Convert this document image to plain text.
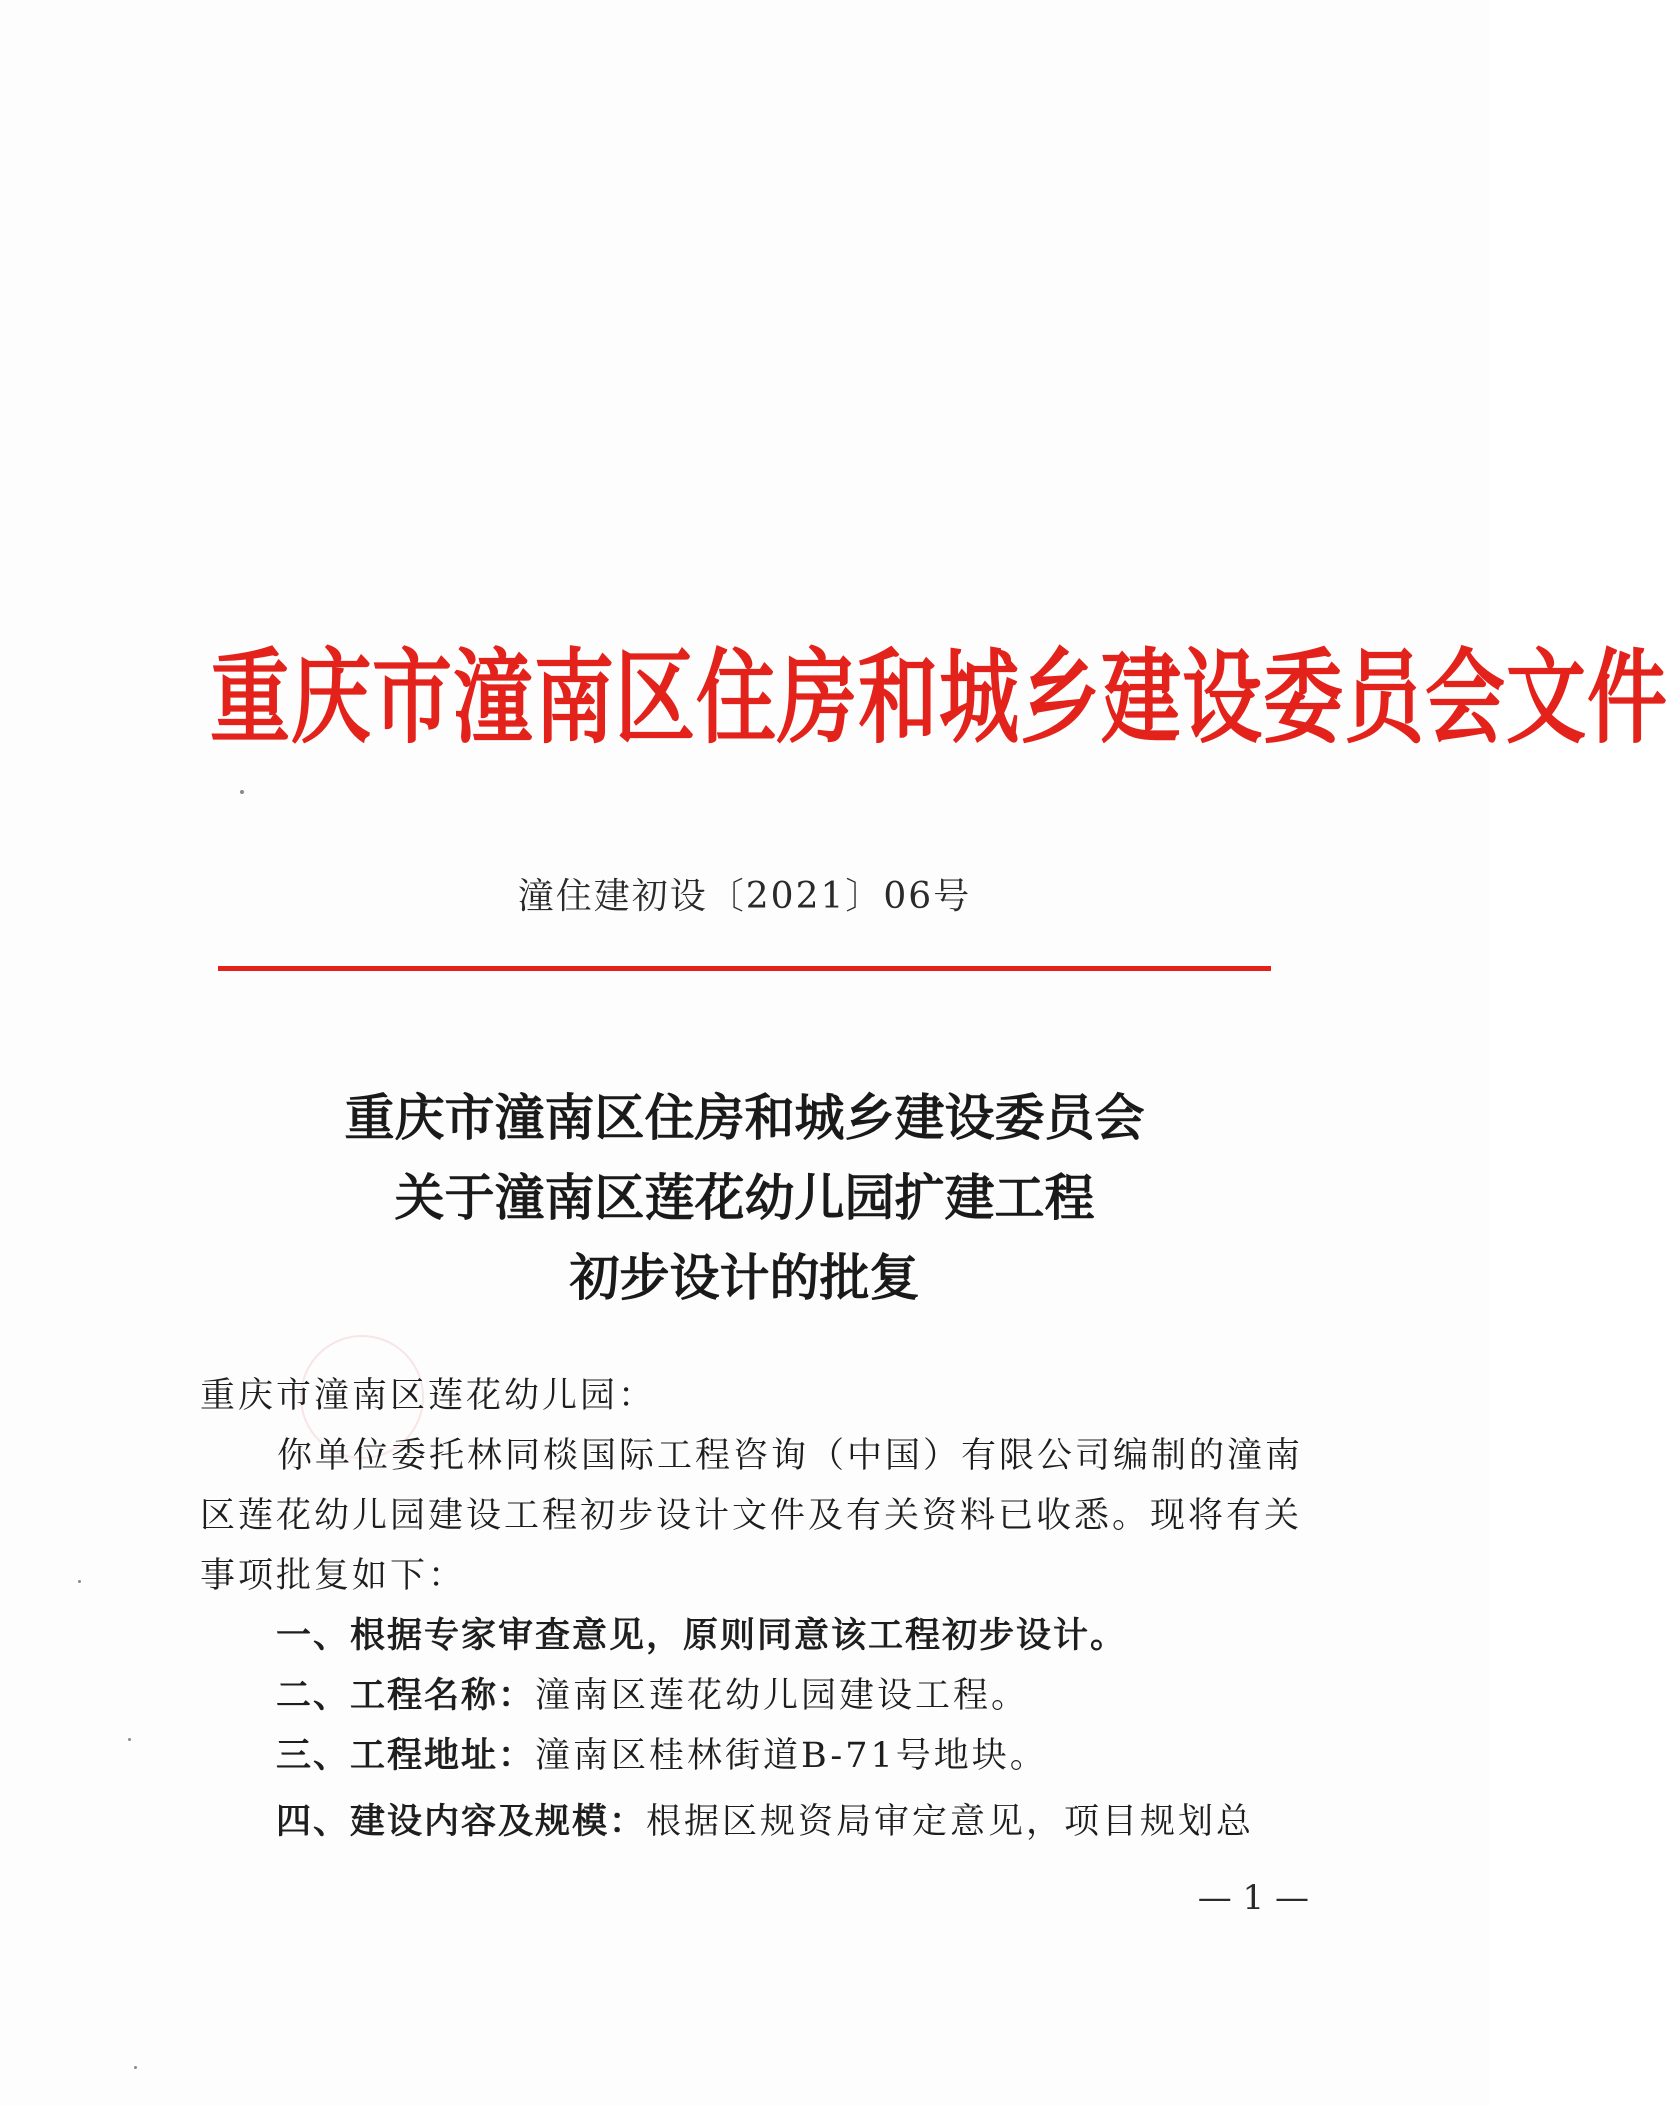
重庆市潼南区住房和城乡建设委员会文件
潼住建初设〔2021〕06号
重庆市潼南区住房和城乡建设委员会
关于潼南区莲花幼儿园扩建工程
初步设计的批复

重庆市潼南区莲花幼儿园：

你单位委托林同棪国际工程咨询（中国）有限公司编制的潼南区莲花幼儿园建设工程初步设计文件及有关资料已收悉。现将有关事项批复如下：

一、根据专家审查意见，原则同意该工程初步设计。

二、工程名称：潼南区莲花幼儿园建设工程。

三、工程地址：潼南区桂林街道B-71号地块。

四、建设内容及规模：根据区规资局审定意见，项目规划总

— 1 —
